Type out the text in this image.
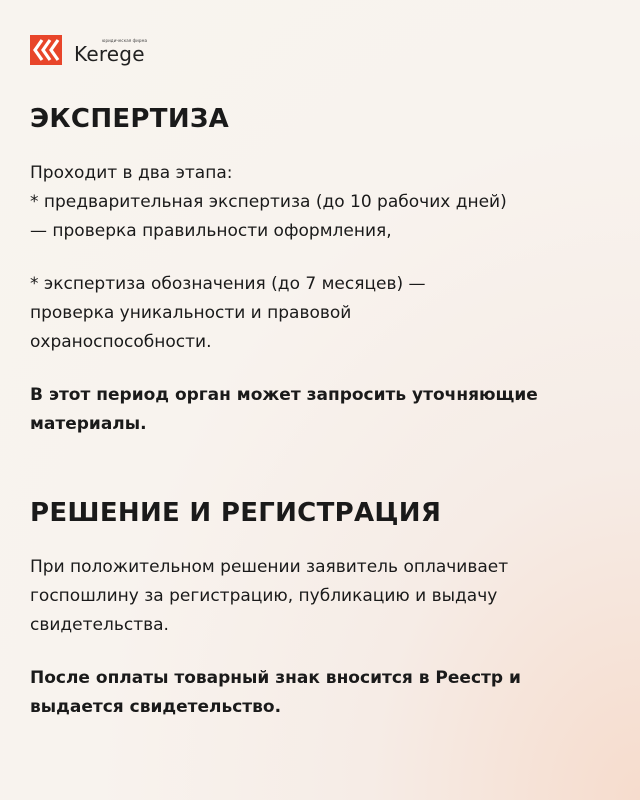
юридическая фирма
Kerege
ЭКСПЕРТИЗА

Проходит в два этапа:
* предварительная экспертиза (до 10 рабочих дней)
— проверка правильности оформления,

* экспертиза обозначения (до 7 месяцев) —
проверка уникальности и правовой
охраноспособности.

В этот период орган может запросить уточняющие
материалы.

РЕШЕНИЕ И РЕГИСТРАЦИЯ

При положительном решении заявитель оплачивает
госпошлину за регистрацию, публикацию и выдачу
свидетельства.

После оплаты товарный знак вносится в Реестр и
выдается свидетельство.
